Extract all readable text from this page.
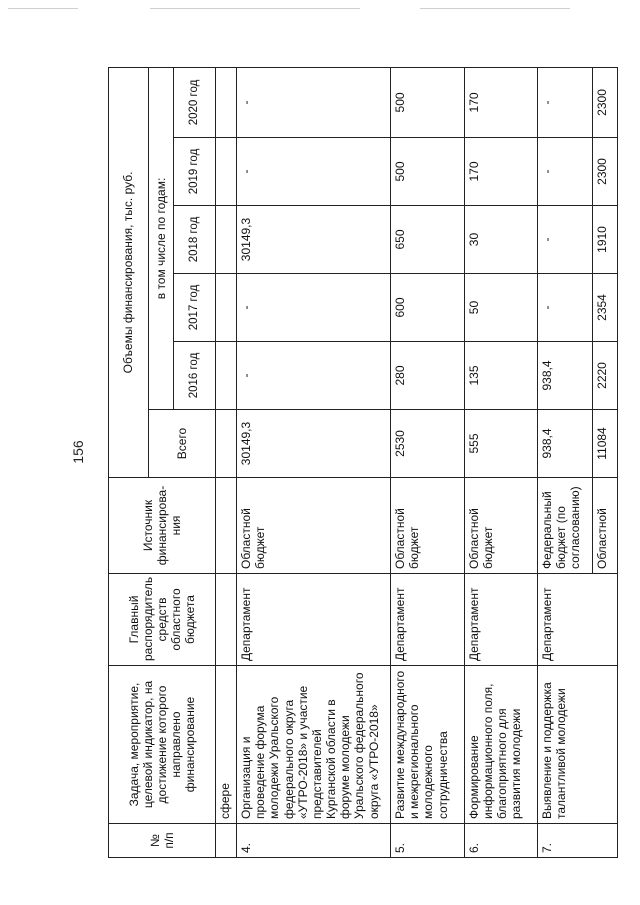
156
№ п/п	Задача, мероприятие, целевой индикатор, на достижение которого направлено финансирование	Главный распорядитель средств областного бюджета	Источник финансирова-ния	Объемы финансирования, тыс. руб.					
				Всего	в том числе по годам:				
					2016 год	2017 год	2018 год	2019 год	2020 год
	сфере								
4.	Организация и проведение форума молодежи Уральского федерального округа «УТРО-2018» и участие представителей Курганской области в форуме молодежи Уральского федерального округа «УТРО-2018»	Департамент	Областной бюджет	30149,3	-	-	30149,3	-	-
5.	Развитие международного и межрегионального молодежного сотрудничества	Департамент	Областной бюджет	2530	280	600	650	500	500
6.	Формирование информационного поля, благоприятного для развития молодежи	Департамент	Областной бюджет	555	135	50	30	170	170
7.	Выявление и поддержка талантливой молодежи	Департамент	Федеральный бюджет (по согласованию)	938,4	938,4	-	-	-	-
			Областной	11084	2220	2354	1910	2300	2300
